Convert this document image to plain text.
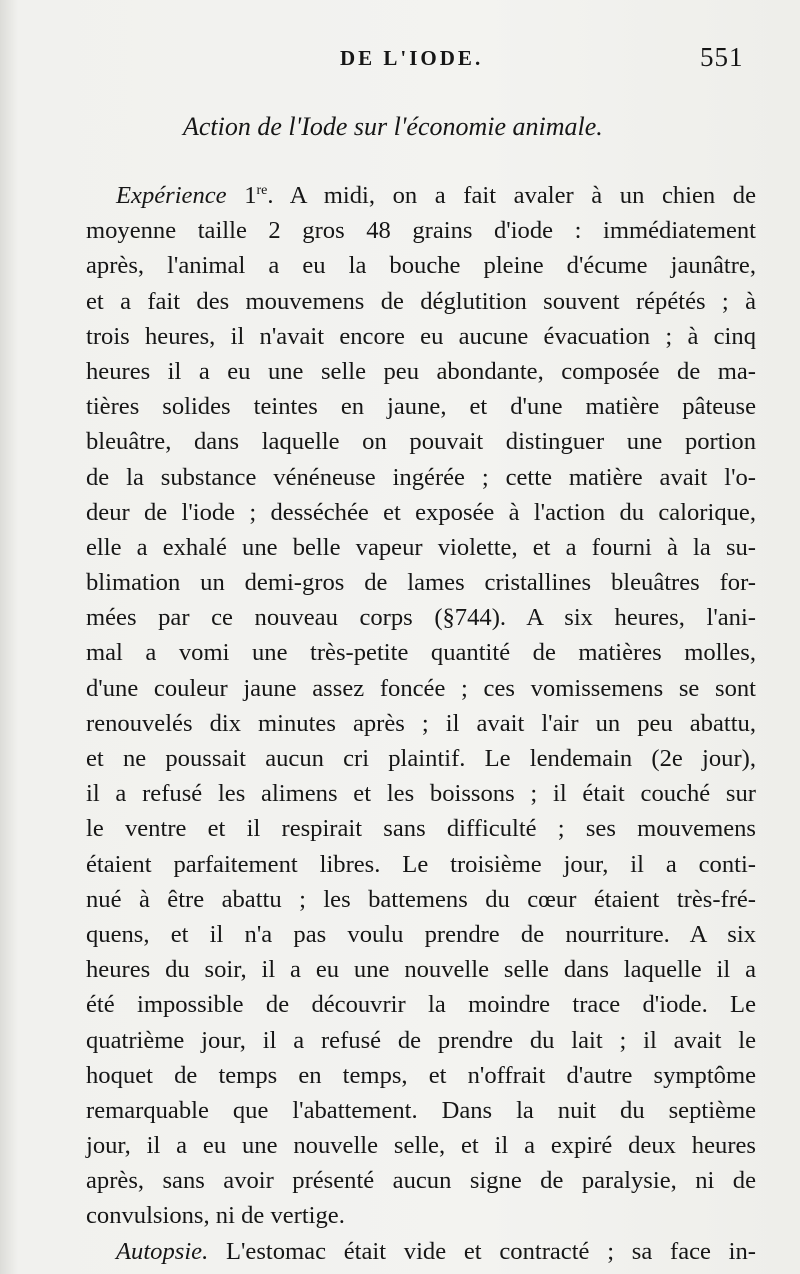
DE L'IODE.	551
Action de l'Iode sur l'économie animale.
Expérience 1re. A midi, on a fait avaler à un chien de
moyenne taille 2 gros 48 grains d'iode : immédiatement
après, l'animal a eu la bouche pleine d'écume jaunâtre,
et a fait des mouvemens de déglutition souvent répétés ; à
trois heures, il n'avait encore eu aucune évacuation ; à cinq
heures il a eu une selle peu abondante, composée de ma-
tières solides teintes en jaune, et d'une matière pâteuse
bleuâtre, dans laquelle on pouvait distinguer une portion
de la substance vénéneuse ingérée ; cette matière avait l'o-
deur de l'iode ; desséchée et exposée à l'action du calorique,
elle a exhalé une belle vapeur violette, et a fourni à la su-
blimation un demi-gros de lames cristallines bleuâtres for-
mées par ce nouveau corps (§744). A six heures, l'ani-
mal a vomi une très-petite quantité de matières molles,
d'une couleur jaune assez foncée ; ces vomissemens se sont
renouvelés dix minutes après ; il avait l'air un peu abattu,
et ne poussait aucun cri plaintif. Le lendemain (2e jour),
il a refusé les alimens et les boissons ; il était couché sur
le ventre et il respirait sans difficulté ; ses mouvemens
étaient parfaitement libres. Le troisième jour, il a conti-
nué à être abattu ; les battemens du cœur étaient très-fré-
quens, et il n'a pas voulu prendre de nourriture. A six
heures du soir, il a eu une nouvelle selle dans laquelle il a
été impossible de découvrir la moindre trace d'iode. Le
quatrième jour, il a refusé de prendre du lait ; il avait le
hoquet de temps en temps, et n'offrait d'autre symptôme
remarquable que l'abattement. Dans la nuit du septième
jour, il a eu une nouvelle selle, et il a expiré deux heures
après, sans avoir présenté aucun signe de paralysie, ni de
convulsions, ni de vertige.
Autopsie. L'estomac était vide et contracté ; sa face in-
